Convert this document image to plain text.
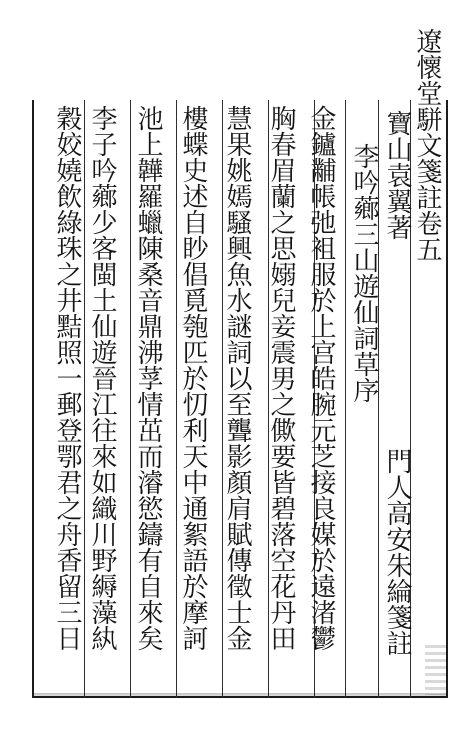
遼懷堂駢文箋註卷五
寶山袁翼著
門人高安朱綸箋註
李吟薌三山遊仙詞草序
金鑪黼帳弛袓服於上宫皓腕元芝接良媒於遠渚鬱
胸春眉蘭之思嫋兒妾震男之僛要皆碧落空花丹田
慧果姚嫣騷興魚水謎詞以至聾影顏肩賦傳徵士金
樓蝶史述自眇倡覓匏匹於忉利天中通絮語於摩訶
池上韡羅蠟陳桑音鼎沸莩情茁而濬慾鑄有自來矣
李子吟薌少客閩土仙遊晉江往來如織川野縟藻紈
穀姣嬈飲綠珠之井黠照一郵登鄂君之舟香留三日
